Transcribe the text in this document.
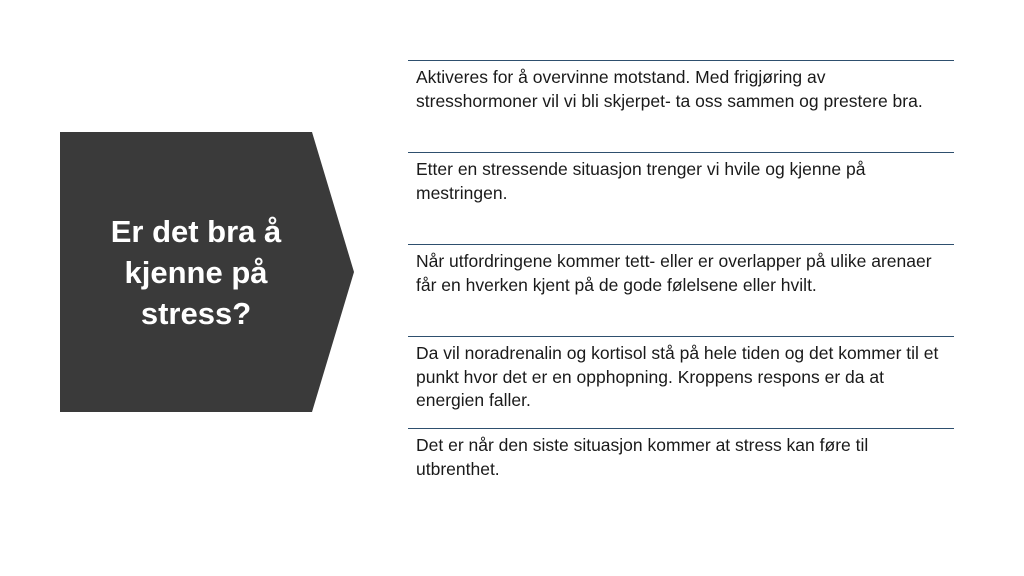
Er det bra å kjenne på stress?
Aktiveres for å overvinne motstand. Med frigjøring av stresshormoner vil vi bli skjerpet- ta oss sammen og prestere bra.
Etter en stressende situasjon trenger vi hvile og kjenne på mestringen.
Når utfordringene kommer tett- eller er overlapper på ulike arenaer får en hverken kjent på de gode følelsene eller hvilt.
Da vil noradrenalin og kortisol stå på hele tiden og det kommer til et punkt hvor det er en opphopning. Kroppens respons er da at energien faller.
Det er når den siste situasjon kommer at stress kan føre til utbrenthet.
